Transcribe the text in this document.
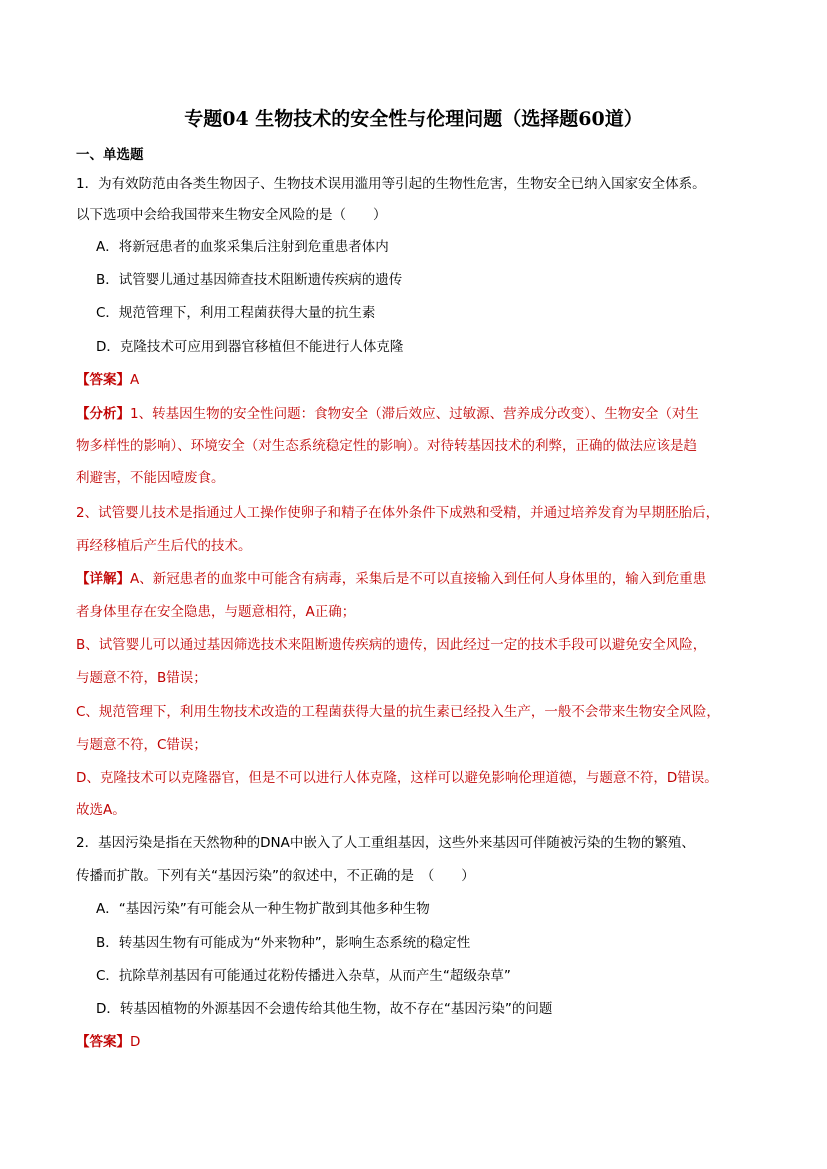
专题04 生物技术的安全性与伦理问题（选择题60道）
一、单选题
1．为有效防范由各类生物因子、生物技术误用滥用等引起的生物性危害，生物安全已纳入国家安全体系。
以下选项中会给我国带来生物安全风险的是（　　）
A．将新冠患者的血浆采集后注射到危重患者体内
B．试管婴儿通过基因筛查技术阻断遗传疾病的遗传
C．规范管理下，利用工程菌获得大量的抗生素
D．克隆技术可应用到器官移植但不能进行人体克隆
【答案】A
【分析】1、转基因生物的安全性问题：食物安全（滞后效应、过敏源、营养成分改变）、生物安全（对生
物多样性的影响）、环境安全（对生态系统稳定性的影响）。对待转基因技术的利弊，正确的做法应该是趋
利避害，不能因噎废食。
2、试管婴儿技术是指通过人工操作使卵子和精子在体外条件下成熟和受精，并通过培养发育为早期胚胎后，
再经移植后产生后代的技术。
【详解】A、新冠患者的血浆中可能含有病毒，采集后是不可以直接输入到任何人身体里的，输入到危重患
者身体里存在安全隐患，与题意相符，A正确；
B、试管婴儿可以通过基因筛选技术来阻断遗传疾病的遗传，因此经过一定的技术手段可以避免安全风险，
与题意不符，B错误；
C、规范管理下，利用生物技术改造的工程菌获得大量的抗生素已经投入生产，一般不会带来生物安全风险，
与题意不符，C错误；
D、克隆技术可以克隆器官，但是不可以进行人体克隆，这样可以避免影响伦理道德，与题意不符，D错误。
故选A。
2．基因污染是指在天然物种的DNA中嵌入了人工重组基因，这些外来基因可伴随被污染的生物的繁殖、
传播而扩散。下列有关“基因污染”的叙述中，不正确的是　（　　）
A．“基因污染”有可能会从一种生物扩散到其他多种生物
B．转基因生物有可能成为“外来物种”，影响生态系统的稳定性
C．抗除草剂基因有可能通过花粉传播进入杂草，从而产生“超级杂草”
D．转基因植物的外源基因不会遗传给其他生物，故不存在“基因污染”的问题
【答案】D
